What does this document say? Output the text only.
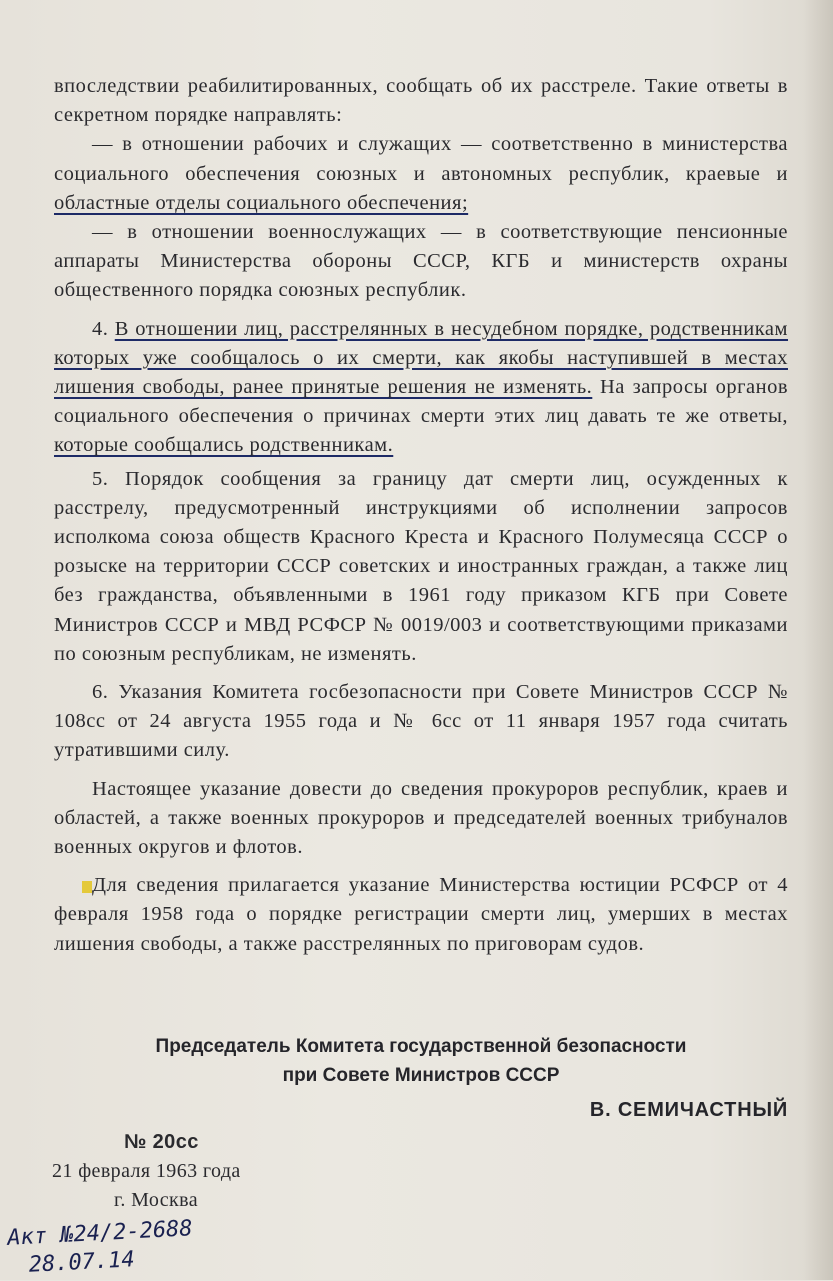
впоследствии реабилитированных, сообщать об их расстреле. Такие ответы в секретном порядке направлять:

— в отношении рабочих и служащих — соответственно в министерства социального обеспечения союзных и автономных республик, краевые и областные отделы социального обеспечения;

— в отношении военнослужащих — в соответствующие пенсионные аппараты Министерства обороны СССР, КГБ и министерств охраны общественного порядка союзных республик.

4. В отношении лиц, расстрелянных в несудебном порядке, родственникам которых уже сообщалось о их смерти, как якобы наступившей в местах лишения свободы, ранее принятые решения не изменять. На запросы органов социального обеспечения о причинах смерти этих лиц давать те же ответы, которые сообщались родственникам.

5. Порядок сообщения за границу дат смерти лиц, осужденных к расстрелу, предусмотренный инструкциями об исполнении запросов исполкома союза обществ Красного Креста и Красного Полумесяца СССР о розыске на территории СССР советских и иностранных граждан, а также лиц без гражданства, объявленными в 1961 году приказом КГБ при Совете Министров СССР и МВД РСФСР № 0019/003 и соответствующими приказами по союзным республикам, не изменять.

6. Указания Комитета госбезопасности при Совете Министров СССР № 108сс от 24 августа 1955 года и № 6сс от 11 января 1957 года считать утратившими силу.

Настоящее указание довести до сведения прокуроров республик, краев и областей, а также военных прокуроров и председателей военных трибуналов военных округов и флотов.

Для сведения прилагается указание Министерства юстиции РСФСР от 4 февраля 1958 года о порядке регистрации смерти лиц, умерших в местах лишения свободы, а также расстрелянных по приговорам судов.

Председатель Комитета государственной безопасности
при Совете Министров СССР
В. СЕМИЧАСТНЫЙ
№ 20сс
21 февраля 1963 года
г. Москва
Акт №24/2-2688
28.07.14
